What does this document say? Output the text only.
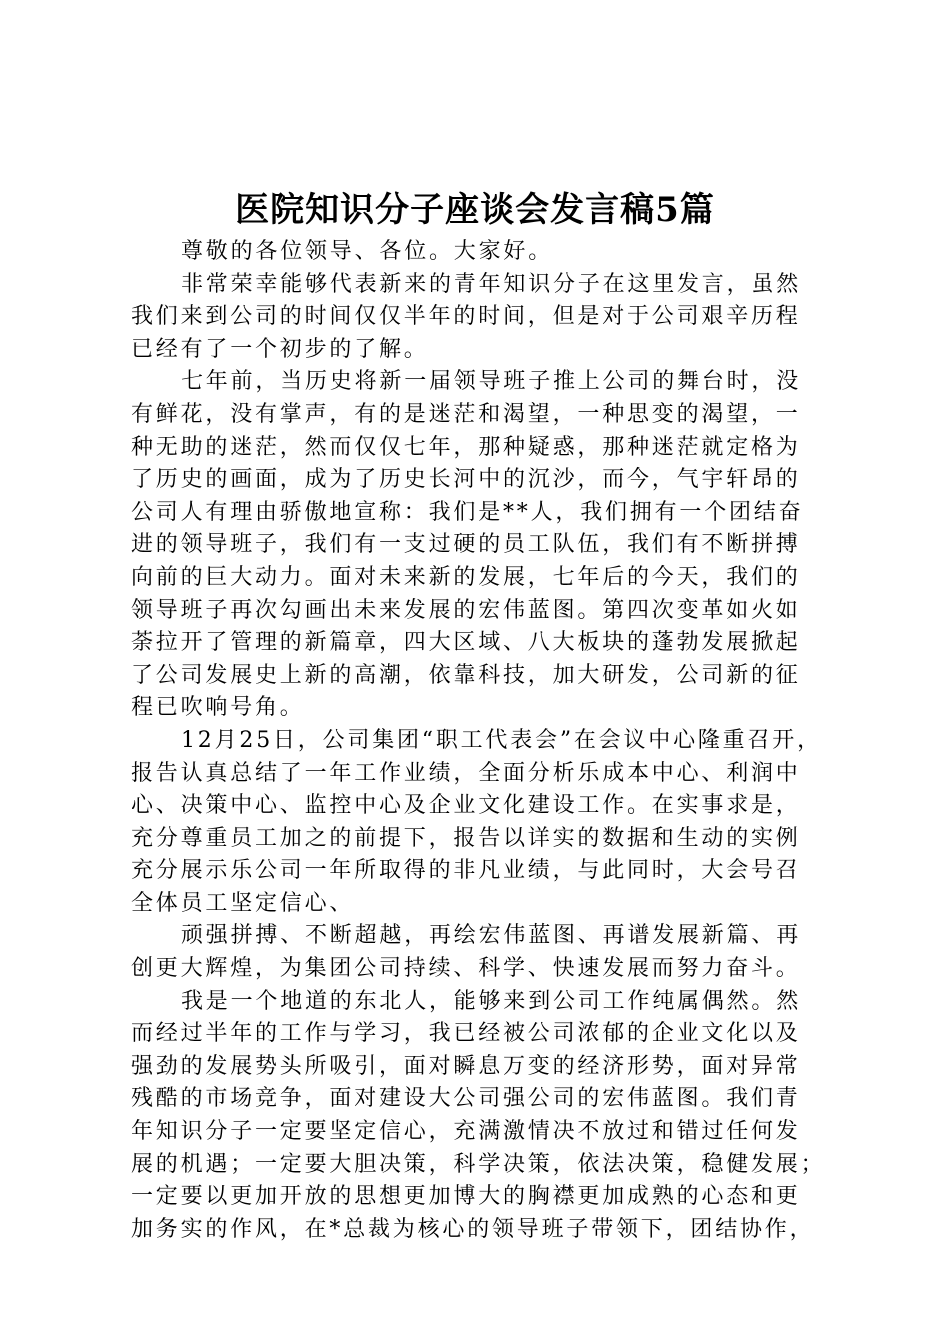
医院知识分子座谈会发言稿5篇
尊敬的各位领导、各位。大家好。
非常荣幸能够代表新来的青年知识分子在这里发言，虽然
我们来到公司的时间仅仅半年的时间，但是对于公司艰辛历程
已经有了一个初步的了解。
七年前，当历史将新一届领导班子推上公司的舞台时，没
有鲜花，没有掌声，有的是迷茫和渴望，一种思变的渴望，一
种无助的迷茫，然而仅仅七年，那种疑惑，那种迷茫就定格为
了历史的画面，成为了历史长河中的沉沙，而今，气宇轩昂的
公司人有理由骄傲地宣称：我们是**人，我们拥有一个团结奋
进的领导班子，我们有一支过硬的员工队伍，我们有不断拼搏
向前的巨大动力。面对未来新的发展，七年后的今天，我们的
领导班子再次勾画出未来发展的宏伟蓝图。第四次变革如火如
荼拉开了管理的新篇章，四大区域、八大板块的蓬勃发展掀起
了公司发展史上新的高潮，依靠科技，加大研发，公司新的征
程已吹响号角。
12月25日，公司集团“职工代表会”在会议中心隆重召开，
报告认真总结了一年工作业绩，全面分析乐成本中心、利润中
心、决策中心、监控中心及企业文化建设工作。在实事求是，
充分尊重员工加之的前提下，报告以详实的数据和生动的实例
充分展示乐公司一年所取得的非凡业绩，与此同时，大会号召
全体员工坚定信心、
顽强拼搏、不断超越，再绘宏伟蓝图、再谱发展新篇、再
创更大辉煌，为集团公司持续、科学、快速发展而努力奋斗。
我是一个地道的东北人，能够来到公司工作纯属偶然。然
而经过半年的工作与学习，我已经被公司浓郁的企业文化以及
强劲的发展势头所吸引，面对瞬息万变的经济形势，面对异常
残酷的市场竞争，面对建设大公司强公司的宏伟蓝图。我们青
年知识分子一定要坚定信心，充满激情决不放过和错过任何发
展的机遇；一定要大胆决策，科学决策，依法决策，稳健发展；
一定要以更加开放的思想更加博大的胸襟更加成熟的心态和更
加务实的作风，在*总裁为核心的领导班子带领下，团结协作，
